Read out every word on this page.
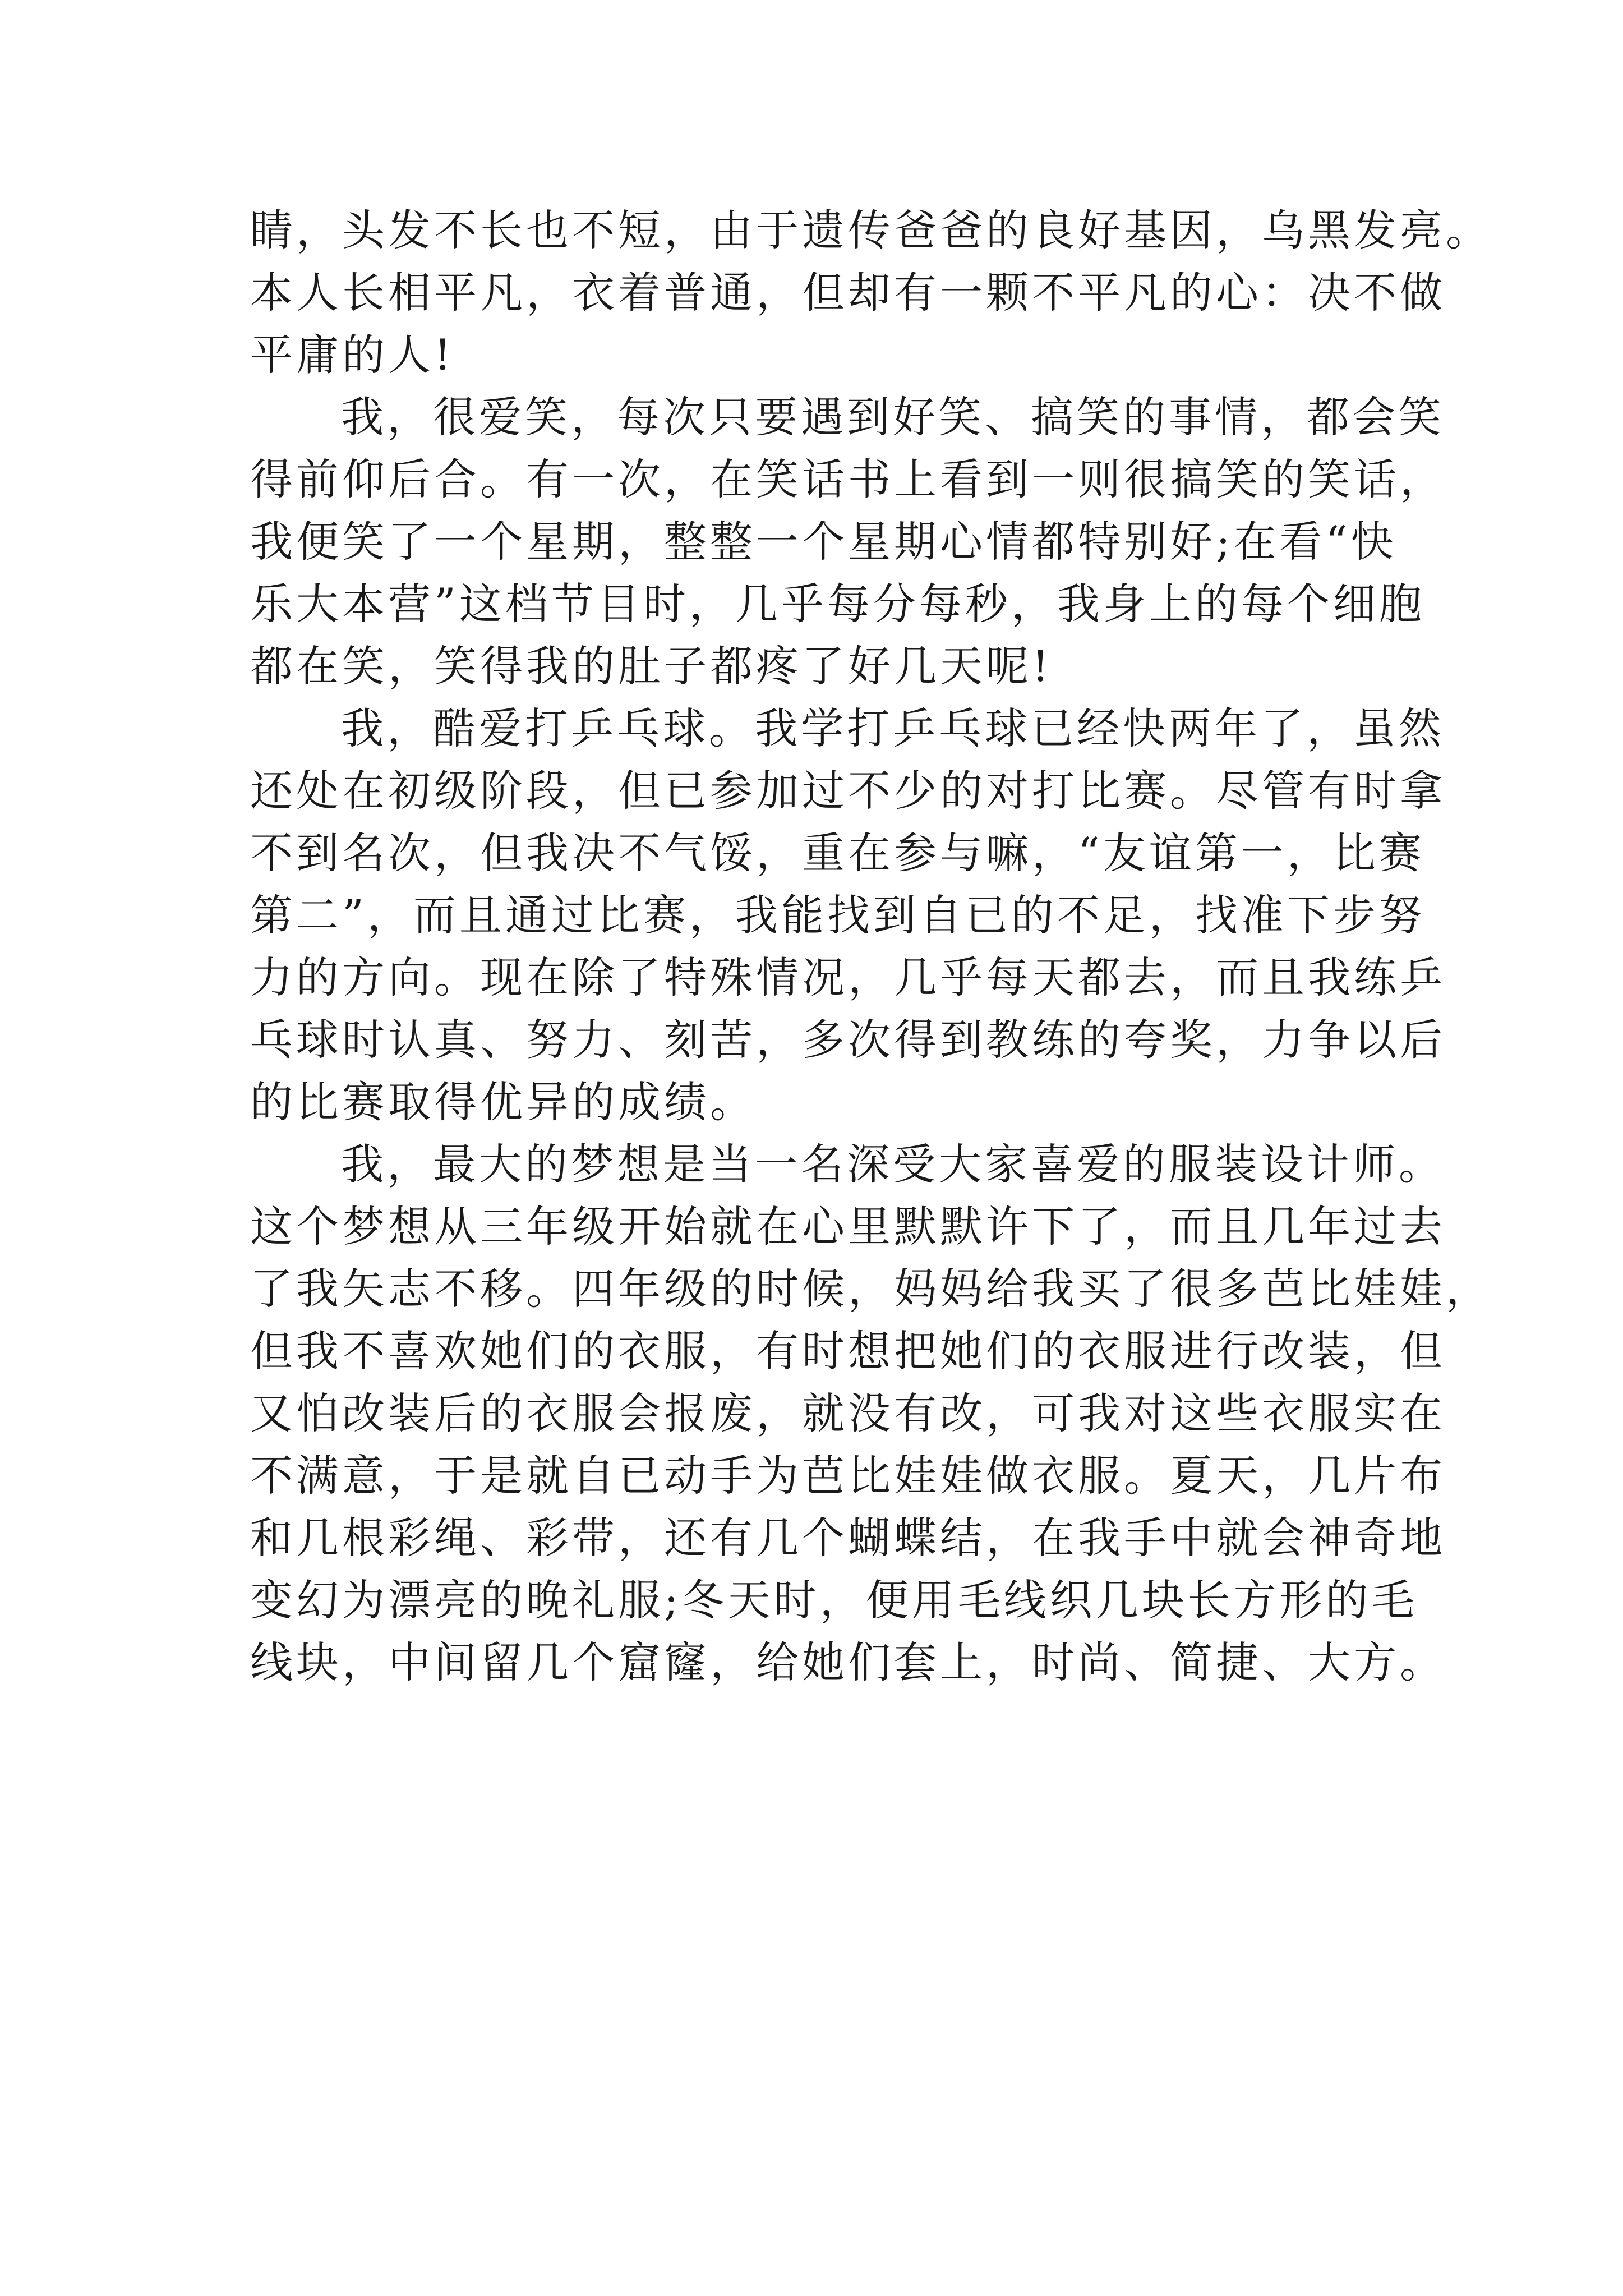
睛，头发不长也不短，由于遗传爸爸的良好基因，乌黑发亮。
本人长相平凡，衣着普通，但却有一颗不平凡的心：决不做
平庸的人!
我，很爱笑，每次只要遇到好笑、搞笑的事情，都会笑
得前仰后合。有一次，在笑话书上看到一则很搞笑的笑话，
我便笑了一个星期，整整一个星期心情都特别好;在看“快
乐大本营”这档节目时，几乎每分每秒，我身上的每个细胞
都在笑，笑得我的肚子都疼了好几天呢!
我，酷爱打乒乓球。我学打乒乓球已经快两年了，虽然
还处在初级阶段，但已参加过不少的对打比赛。尽管有时拿
不到名次，但我决不气馁，重在参与嘛，“友谊第一，比赛
第二”，而且通过比赛，我能找到自已的不足，找准下步努
力的方向。现在除了特殊情况，几乎每天都去，而且我练乒
乓球时认真、努力、刻苦，多次得到教练的夸奖，力争以后
的比赛取得优异的成绩。
我，最大的梦想是当一名深受大家喜爱的服装设计师。
这个梦想从三年级开始就在心里默默许下了，而且几年过去
了我矢志不移。四年级的时候，妈妈给我买了很多芭比娃娃，
但我不喜欢她们的衣服，有时想把她们的衣服进行改装，但
又怕改装后的衣服会报废，就没有改，可我对这些衣服实在
不满意，于是就自已动手为芭比娃娃做衣服。夏天，几片布
和几根彩绳、彩带，还有几个蝴蝶结，在我手中就会神奇地
变幻为漂亮的晚礼服;冬天时，便用毛线织几块长方形的毛
线块，中间留几个窟窿，给她们套上，时尚、简捷、大方。
